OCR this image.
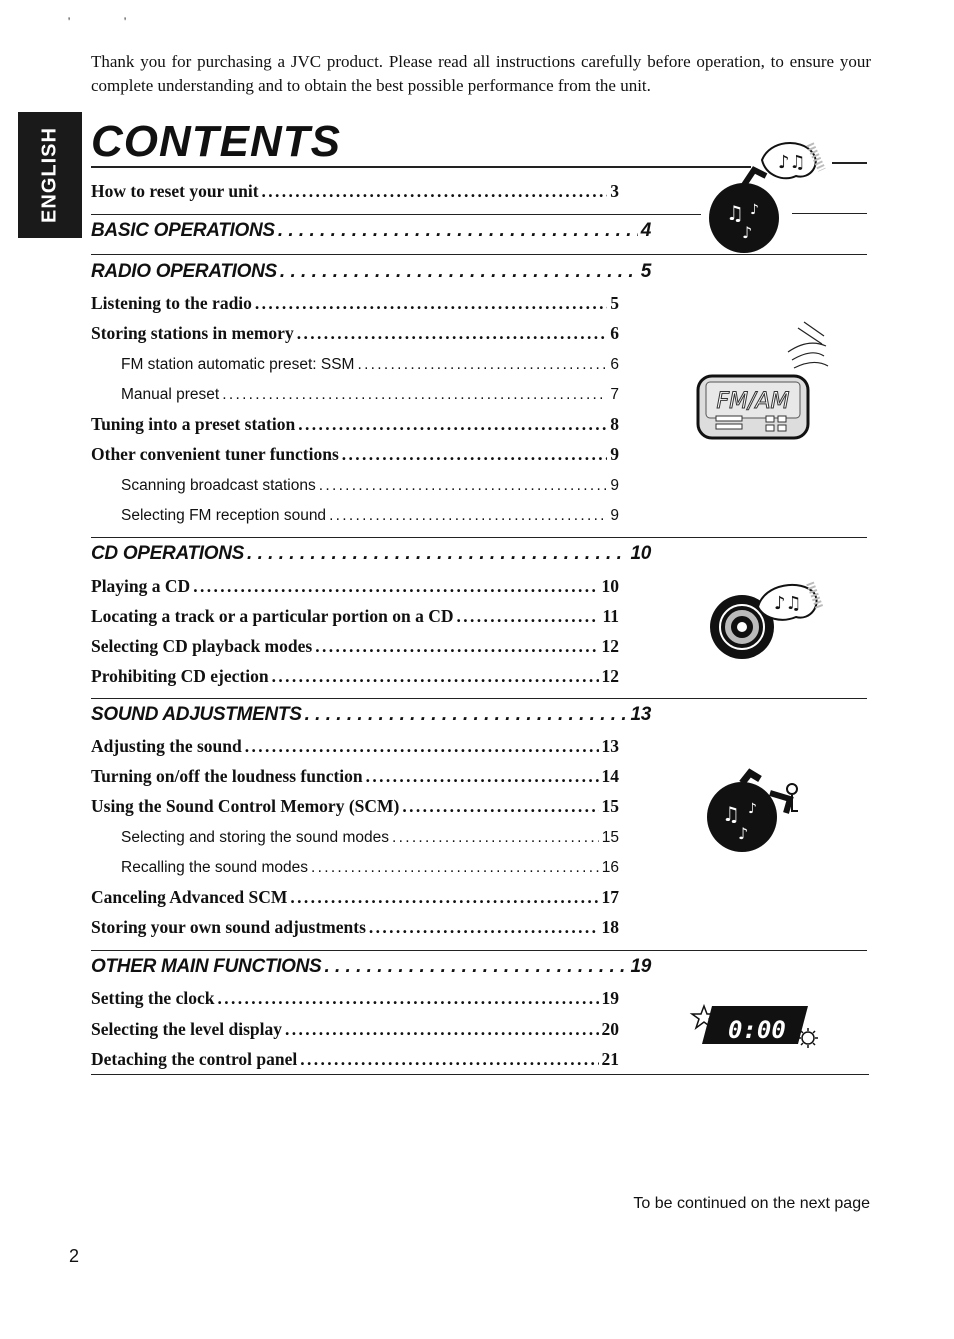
'	'

Thank you for purchasing a JVC product. Please read all instructions carefully before operation, to ensure your complete understanding and to obtain the best possible performance from the unit.

ENGLISH CONTENTS
How to reset your unit . . .	3
BASIC OPERATIONS . . .	4
RADIO OPERATIONS . . .	5
Listening to the radio . . .	5
Storing stations in memory . . .	6
FM station automatic preset: SSM . . .	6
Manual preset . . .	7
Tuning into a preset station . . .	8
Other convenient tuner functions . . .	9
Scanning broadcast stations . . .	9
Selecting FM reception sound . . .	9
CD OPERATIONS . . .	10
Playing a CD . . .	10
Locating a track or a particular portion on a CD . . .	11
Selecting CD playback modes . . .	12
Prohibiting CD ejection . . .	12
SOUND ADJUSTMENTS . . .	13
Adjusting the sound . . .	13
Turning on/off the loudness function . . .	14
Using the Sound Control Memory (SCM) . . .	15
Selecting and storing the sound modes . . .	15
Recalling the sound modes . . .	16
Canceling Advanced SCM . . .	17
Storing your own sound adjustments . . .	18
OTHER MAIN FUNCTIONS . . .	19
Setting the clock . . .	19
Selecting the level display . . .	20
Detaching the control panel . . .	21
♪♫
♫
♪
♪
FM/AM
♪♫
♫
♪
♪
0:00
To be continued on the next page
2
